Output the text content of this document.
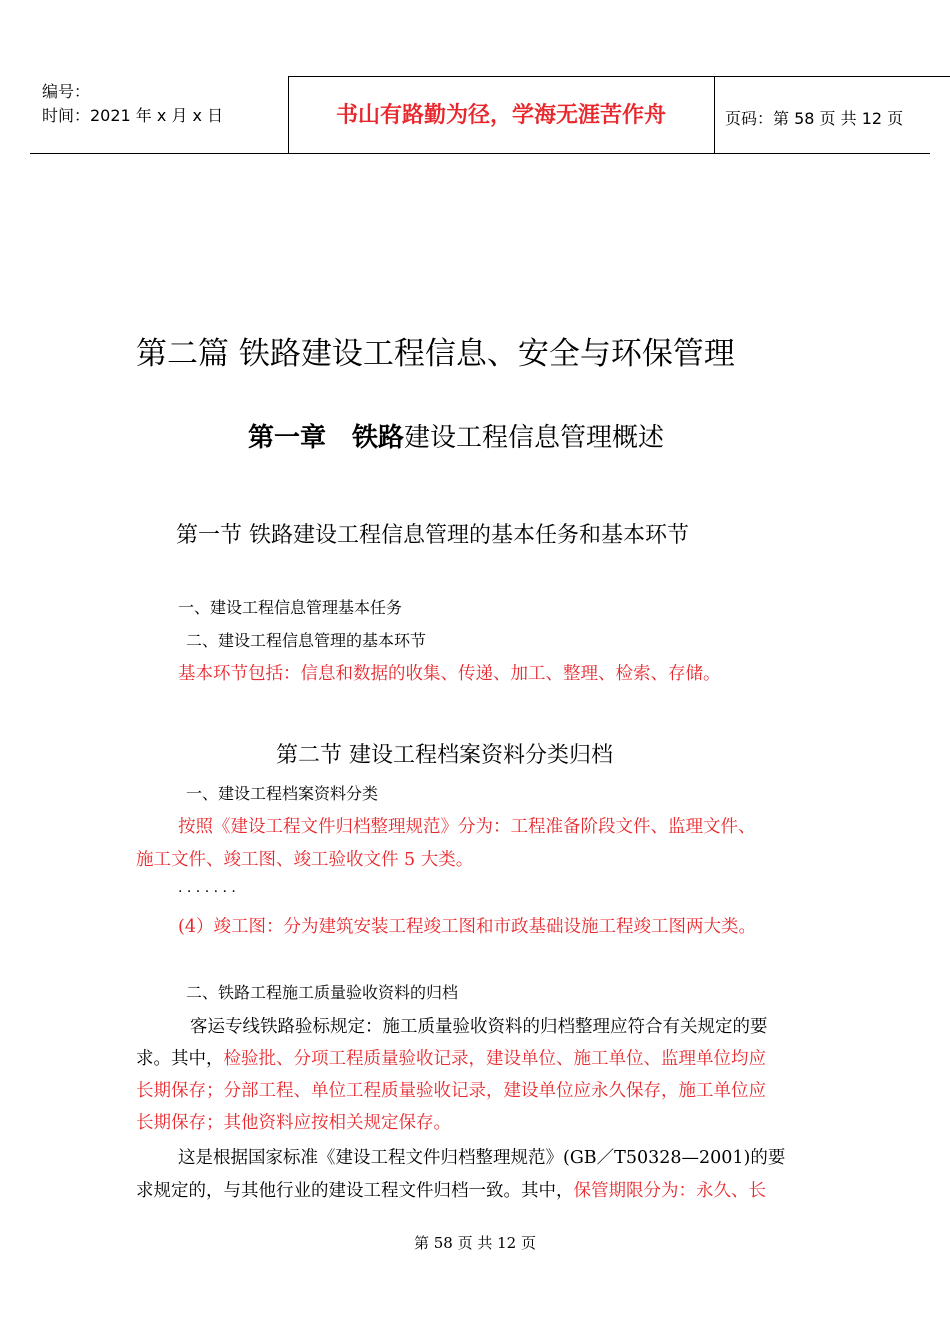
编号：
时间：2021 年 x 月 x 日	书山有路勤为径，学海无涯苦作舟	页码：第 58 页 共 12 页
第二篇 铁路建设工程信息、安全与环保管理
第一章  铁路建设工程信息管理概述
第一节 铁路建设工程信息管理的基本任务和基本环节
一、建设工程信息管理基本任务
二、建设工程信息管理的基本环节
基本环节包括：信息和数据的收集、传递、加工、整理、检索、存储。
第二节 建设工程档案资料分类归档
一、建设工程档案资料分类
按照《建设工程文件归档整理规范》分为：工程准备阶段文件、监理文件、
施工文件、竣工图、竣工验收文件 5 大类。
. . . . . . .
(4）竣工图：分为建筑安装工程竣工图和市政基础设施工程竣工图两大类。
二、铁路工程施工质量验收资料的归档
客运专线铁路验标规定：施工质量验收资料的归档整理应符合有关规定的要
求。其中，检验批、分项工程质量验收记录，建设单位、施工单位、监理单位均应
长期保存；分部工程、单位工程质量验收记录，建设单位应永久保存，施工单位应
长期保存；其他资料应按相关规定保存。
这是根据国家标准《建设工程文件归档整理规范》(GB／T50328—2001)的要
求规定的，与其他行业的建设工程文件归档一致。其中，保管期限分为：永久、长
第 58 页 共 12 页
